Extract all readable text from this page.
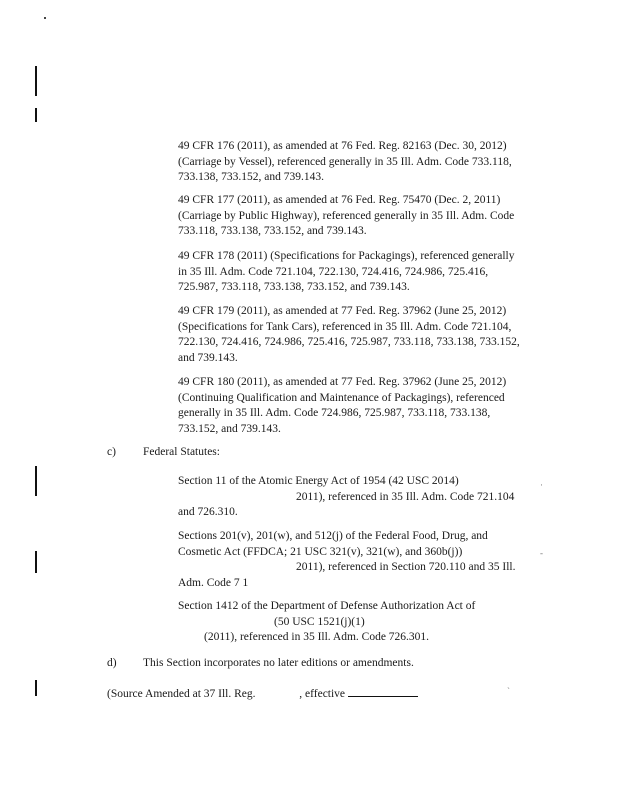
49 CFR 176 (2011), as amended at 76 Fed. Reg. 82163 (Dec. 30, 2012)

(Carriage by Vessel), referenced generally in 35 Ill. Adm. Code 733.118,

733.138, 733.152, and 739.143.

49 CFR 177 (2011), as amended at 76 Fed. Reg. 75470 (Dec. 2, 2011)

(Carriage by Public Highway), referenced generally in 35 Ill. Adm. Code

733.118, 733.138, 733.152, and 739.143.

49 CFR 178 (2011) (Specifications for Packagings), referenced generally

in 35 Ill. Adm. Code 721.104, 722.130, 724.416, 724.986, 725.416,

725.987, 733.118, 733.138, 733.152, and 739.143.

49 CFR 179 (2011), as amended at 77 Fed. Reg. 37962 (June 25, 2012)

(Specifications for Tank Cars), referenced in 35 Ill. Adm. Code 721.104,

722.130, 724.416, 724.986, 725.416, 725.987, 733.118, 733.138, 733.152,

and 739.143.

49 CFR 180 (2011), as amended at 77 Fed. Reg. 37962 (June 25, 2012)

(Continuing Qualification and Maintenance of Packagings), referenced

generally in 35 Ill. Adm. Code 724.986, 725.987, 733.118, 733.138,

733.152, and 739.143.

c) Federal Statutes:

Section 11 of the Atomic Energy Act of 1954 (42 USC 2014)

2011), referenced in 35 Ill. Adm. Code 721.104

and 726.310.

·

Sections 201(v), 201(w), and 512(j) of the Federal Food, Drug, and

Cosmetic Act (FFDCA; 21 USC 321(v), 321(w), and 360b(j))

2011), referenced in Section 720.110 and 35 Ill.

Adm. Code 7 1

-

Section 1412 of the Department of Defense Authorization Act of

(50 USC 1521(j)(1)

(2011), referenced in 35 Ill. Adm. Code 726.301.

d) This Section incorporates no later editions or amendments.
(Source Amended at 37 Ill. Reg.	, effective	`
